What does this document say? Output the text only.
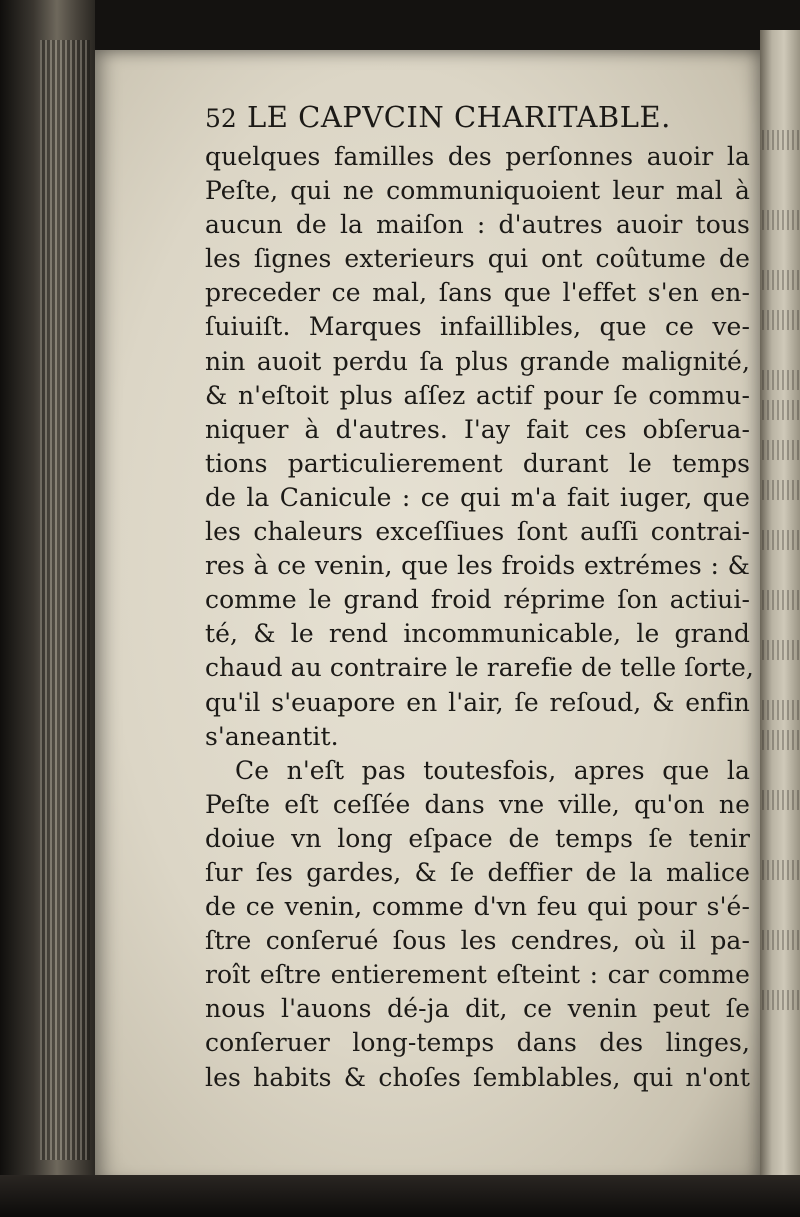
52 LE CAPVCIN CHARITABLE.
quelques familles des perſonnes auoir la
Peſte, qui ne communiquoient leur mal à
aucun de la maiſon : d'autres auoir tous
les ſignes exterieurs qui ont coûtume de
preceder ce mal, ſans que l'effet s'en en-
ſuiuiſt. Marques infaillibles, que ce ve-
nin auoit perdu ſa plus grande malignité,
& n'eſtoit plus aſſez actif pour ſe commu-
niquer à d'autres. I'ay fait ces obſerua-
tions particulierement durant le temps
de la Canicule : ce qui m'a fait iuger, que
les chaleurs exceſſiues ſont auſſi contrai-
res à ce venin, que les froids extrémes : &
comme le grand froid réprime ſon actiui-
té, & le rend incommunicable, le grand
chaud au contraire le rarefie de telle ſorte,
qu'il s'euapore en l'air, ſe reſoud, & enfin
s'aneantit.
Ce n'eſt pas toutesfois, apres que la
Peſte eſt ceſſée dans vne ville, qu'on ne
doiue vn long eſpace de temps ſe tenir
ſur ſes gardes, & ſe deffier de la malice
de ce venin, comme d'vn feu qui pour s'é-
ſtre conſerué ſous les cendres, où il pa-
roît eſtre entierement eſteint : car comme
nous l'auons dé-ja dit, ce venin peut ſe
conſeruer long-temps dans des linges,
les habits & choſes ſemblables, qui n'ont
